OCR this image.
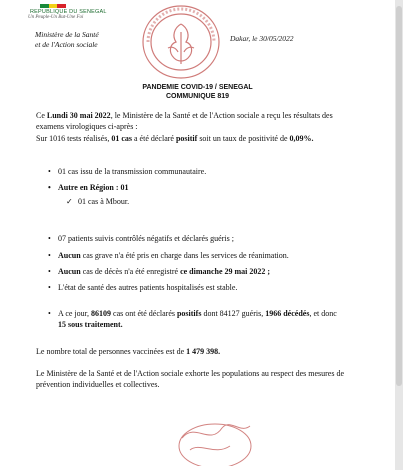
REPUBLIQUE DU SENEGAL
Un Peuple-Un But-Une Foi
Ministère de la Santé
et de l'Action sociale
Dakar, le 30/05/2022
PANDEMIE COVID-19 / SENEGAL
COMMUNIQUE 819
Ce Lundi 30 mai 2022, le Ministère de la Santé et de l'Action sociale a reçu les résultats des examens virologiques ci-après :
Sur 1016 tests réalisés, 01 cas a été déclaré positif soit un taux de positivité de 0,09%.
• 01 cas issu de la transmission communautaire.
• Autre en Région : 01
✓ 01 cas à Mbour.
• 07 patients suivis contrôlés négatifs et déclarés guéris ;
• Aucun cas grave n'a été pris en charge dans les services de réanimation.
• Aucun cas de décès n'a été enregistré ce dimanche 29 mai 2022 ;
• L'état de santé des autres patients hospitalisés est stable.
• A ce jour, 86109 cas ont été déclarés positifs dont 84127 guéris, 1966 décédés, et donc 15 sous traitement.
Le nombre total de personnes vaccinées est de 1 479 398.
Le Ministère de la Santé et de l'Action sociale exhorte les populations au respect des mesures de prévention individuelles et collectives.
